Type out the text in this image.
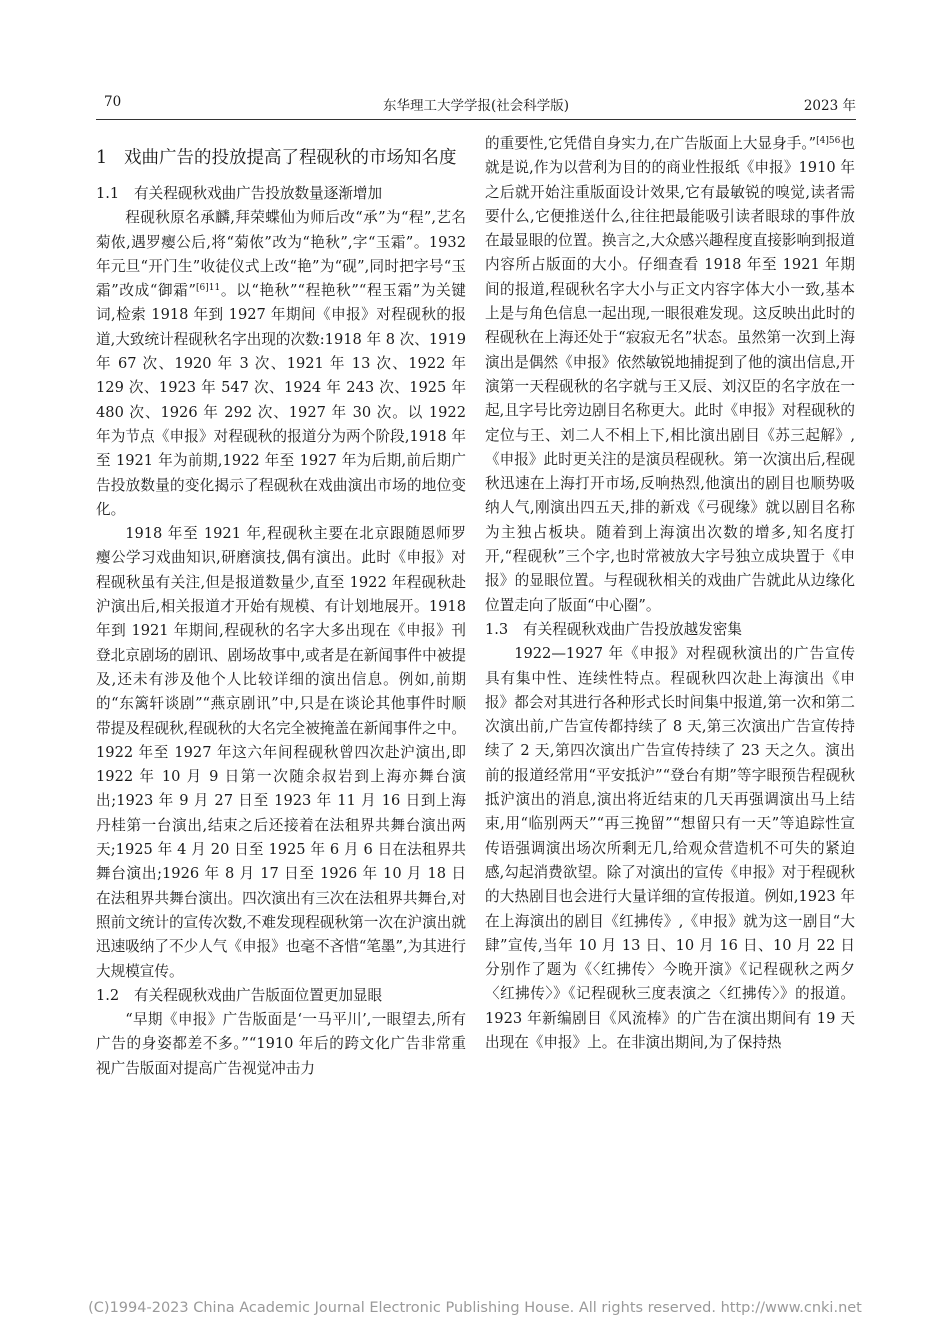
70	东华理工大学学报(社会科学版)	2023 年
1 戏曲广告的投放提高了程砚秋的市场知名度
1.1 有关程砚秋戏曲广告投放数量逐渐增加

程砚秋原名承麟,拜荣蝶仙为师后改“承”为“程”,艺名菊侬,遇罗瘿公后,将“菊侬”改为“艳秋”,字“玉霜”。1932 年元旦“开门生”收徒仪式上改“艳”为“砚”,同时把字号“玉霜”改成“御霜”$^{[6]11}$。以“艳秋”“程艳秋”“程玉霜”为关键词,检索 1918 年到 1927 年期间《申报》对程砚秋的报道,大致统计程砚秋名字出现的次数:1918 年 8 次、1919 年 67 次、1920 年 3 次、1921 年 13 次、1922 年 129 次、1923 年 547 次、1924 年 243 次、1925 年 480 次、1926 年 292 次、1927 年 30 次。以 1922 年为节点《申报》对程砚秋的报道分为两个阶段,1918 年至 1921 年为前期,1922 年至 1927 年为后期,前后期广告投放数量的变化揭示了程砚秋在戏曲演出市场的地位变化。

1918 年至 1921 年,程砚秋主要在北京跟随恩师罗瘿公学习戏曲知识,研磨演技,偶有演出。此时《申报》对程砚秋虽有关注,但是报道数量少,直至 1922 年程砚秋赴沪演出后,相关报道才开始有规模、有计划地展开。1918 年到 1921 年期间,程砚秋的名字大多出现在《申报》刊登北京剧场的剧讯、剧场故事中,或者是在新闻事件中被提及,还未有涉及他个人比较详细的演出信息。例如,前期的“东篱轩谈剧”“燕京剧讯”中,只是在谈论其他事件时顺带提及程砚秋,程砚秋的大名完全被掩盖在新闻事件之中。1922 年至 1927 年这六年间程砚秋曾四次赴沪演出,即 1922 年 10 月 9 日第一次随余叔岩到上海亦舞台演出;1923 年 9 月 27 日至 1923 年 11 月 16 日到上海丹桂第一台演出,结束之后还接着在法租界共舞台演出两天;1925 年 4 月 20 日至 1925 年 6 月 6 日在法租界共舞台演出;1926 年 8 月 17 日至 1926 年 10 月 18 日在法租界共舞台演出。四次演出有三次在法租界共舞台,对照前文统计的宣传次数,不难发现程砚秋第一次在沪演出就迅速吸纳了不少人气《申报》也毫不吝惜“笔墨”,为其进行大规模宣传。

1.2 有关程砚秋戏曲广告版面位置更加显眼

“早期《申报》广告版面是‘一马平川’,一眼望去,所有广告的身姿都差不多。”“1910 年后的跨文化广告非常重视广告版面对提高广告视觉冲击力

的重要性,它凭借自身实力,在广告版面上大显身手。”$^{[4]56}$也就是说,作为以营利为目的的商业性报纸《申报》1910 年之后就开始注重版面设计效果,它有最敏锐的嗅觉,读者需要什么,它便推送什么,往往把最能吸引读者眼球的事件放在最显眼的位置。换言之,大众感兴趣程度直接影响到报道内容所占版面的大小。仔细查看 1918 年至 1921 年期间的报道,程砚秋名字大小与正文内容字体大小一致,基本上是与角色信息一起出现,一眼很难发现。这反映出此时的程砚秋在上海还处于“寂寂无名”状态。虽然第一次到上海演出是偶然《申报》依然敏锐地捕捉到了他的演出信息,开演第一天程砚秋的名字就与王又辰、刘汉臣的名字放在一起,且字号比旁边剧目名称更大。此时《申报》对程砚秋的定位与王、刘二人不相上下,相比演出剧目《苏三起解》,《申报》此时更关注的是演员程砚秋。第一次演出后,程砚秋迅速在上海打开市场,反响热烈,他演出的剧目也顺势吸纳人气,刚演出四五天,排的新戏《弓砚缘》就以剧目名称为主独占板块。随着到上海演出次数的增多,知名度打开,“程砚秋”三个字,也时常被放大字号独立成块置于《申报》的显眼位置。与程砚秋相关的戏曲广告就此从边缘化位置走向了版面“中心圈”。

1.3 有关程砚秋戏曲广告投放越发密集

1922—1927 年《申报》对程砚秋演出的广告宣传具有集中性、连续性特点。程砚秋四次赴上海演出《申报》都会对其进行各种形式长时间集中报道,第一次和第二次演出前,广告宣传都持续了 8 天,第三次演出广告宣传持续了 2 天,第四次演出广告宣传持续了 23 天之久。演出前的报道经常用“平安抵沪”“登台有期”等字眼预告程砚秋抵沪演出的消息,演出将近结束的几天再强调演出马上结束,用“临别两天”“再三挽留”“想留只有一天”等追踪性宣传语强调演出场次所剩无几,给观众营造机不可失的紧迫感,勾起消费欲望。除了对演出的宣传《申报》对于程砚秋的大热剧目也会进行大量详细的宣传报道。例如,1923 年在上海演出的剧目《红拂传》,《申报》就为这一剧目“大肆”宣传,当年 10 月 13 日、10 月 16 日、10 月 22 日分别作了题为《〈红拂传〉今晚开演》《记程砚秋之两夕〈红拂传〉》《记程砚秋三度表演之〈红拂传〉》的报道。1923 年新编剧目《风流棒》的广告在演出期间有 19 天出现在《申报》上。在非演出期间,为了保持热

(C)1994-2023 China Academic Journal Electronic Publishing House. All rights reserved. http://www.cnki.net
